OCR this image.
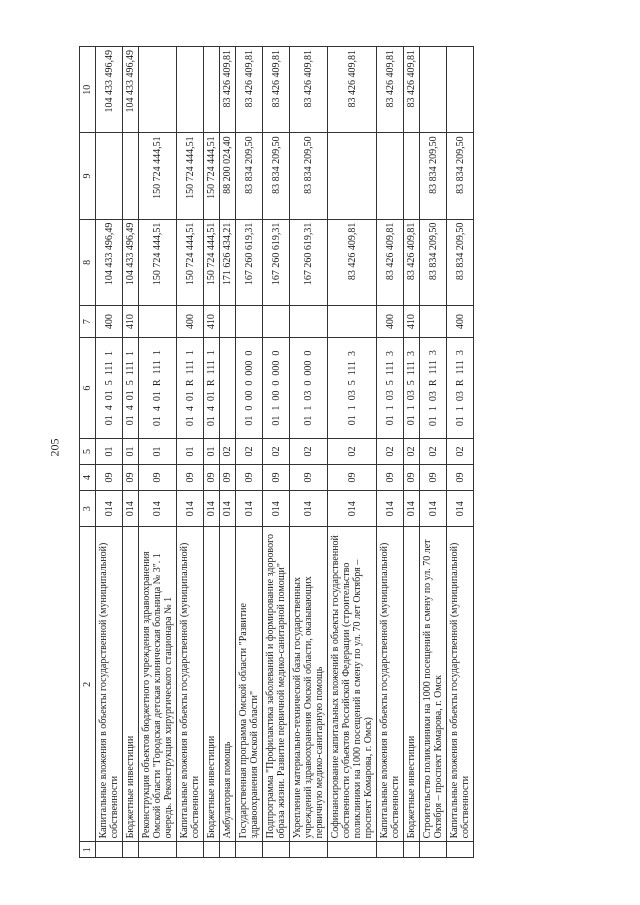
205
1	2	3	4	5	6	7	8	9	10
	Капитальные вложения в объекты государственной (муниципальной) собственности	014	09	01	01  4  01  5  111  1	400	104 433 496,49		104 433 496,49
	Бюджетные инвестиции	014	09	01	01  4  01  5  111  1	410	104 433 496,49		104 433 496,49
	Реконструкция объектов бюджетного учреждения здравоохранения Омской области "Городская детская клиническая больница № 3". 1 очередь. Реконструкция хирургического стационара № 1	014	09	01	01  4  01  R  111  1		150 724 444,51	150 724 444,51	
	Капитальные вложения в объекты государственной (муниципальной) собственности	014	09	01	01  4  01  R  111  1	400	150 724 444,51	150 724 444,51	
	Бюджетные инвестиции	014	09	01	01  4  01  R  111  1	410	150 724 444,51	150 724 444,51	
	Амбулаторная помощь	014	09	02			171 626 434,21	88 200 024,40	83 426 409,81
	Государственная программа Омской области "Развитие здравоохранения Омской области"	014	09	02	01  0  00  0  000  0		167 260 619,31	83 834 209,50	83 426 409,81
	Подпрограмма "Профилактика заболеваний и формирование здорового образа жизни. Развитие первичной медико-санитарной помощи"	014	09	02	01  1  00  0  000  0		167 260 619,31	83 834 209,50	83 426 409,81
	Укрепление материально-технической базы государственных учреждений здравоохранения Омской области, оказывающих первичную медико-санитарную помощь	014	09	02	01  1  03  0  000  0		167 260 619,31	83 834 209,50	83 426 409,81
	Софинансирование капитальных вложений в объекты государственной собственности субъектов Российской Федерации (строительство поликлиники на 1000 посещений в смену по ул. 70 лет Октября – проспект Комарова, г. Омск)	014	09	02	01  1  03  5  111  3		83 426 409,81		83 426 409,81
	Капитальные вложения в объекты государственной (муниципальной) собственности	014	09	02	01  1  03  5  111  3	400	83 426 409,81		83 426 409,81
	Бюджетные инвестиции	014	09	02	01  1  03  5  111  3	410	83 426 409,81		83 426 409,81
	Строительство поликлиники на 1000 посещений в смену по ул. 70 лет Октября – проспект Комарова, г. Омск	014	09	02	01  1  03  R  111  3		83 834 209,50	83 834 209,50	
	Капитальные вложения в объекты государственной (муниципальной) собственности	014	09	02	01  1  03  R  111  3	400	83 834 209,50	83 834 209,50	
